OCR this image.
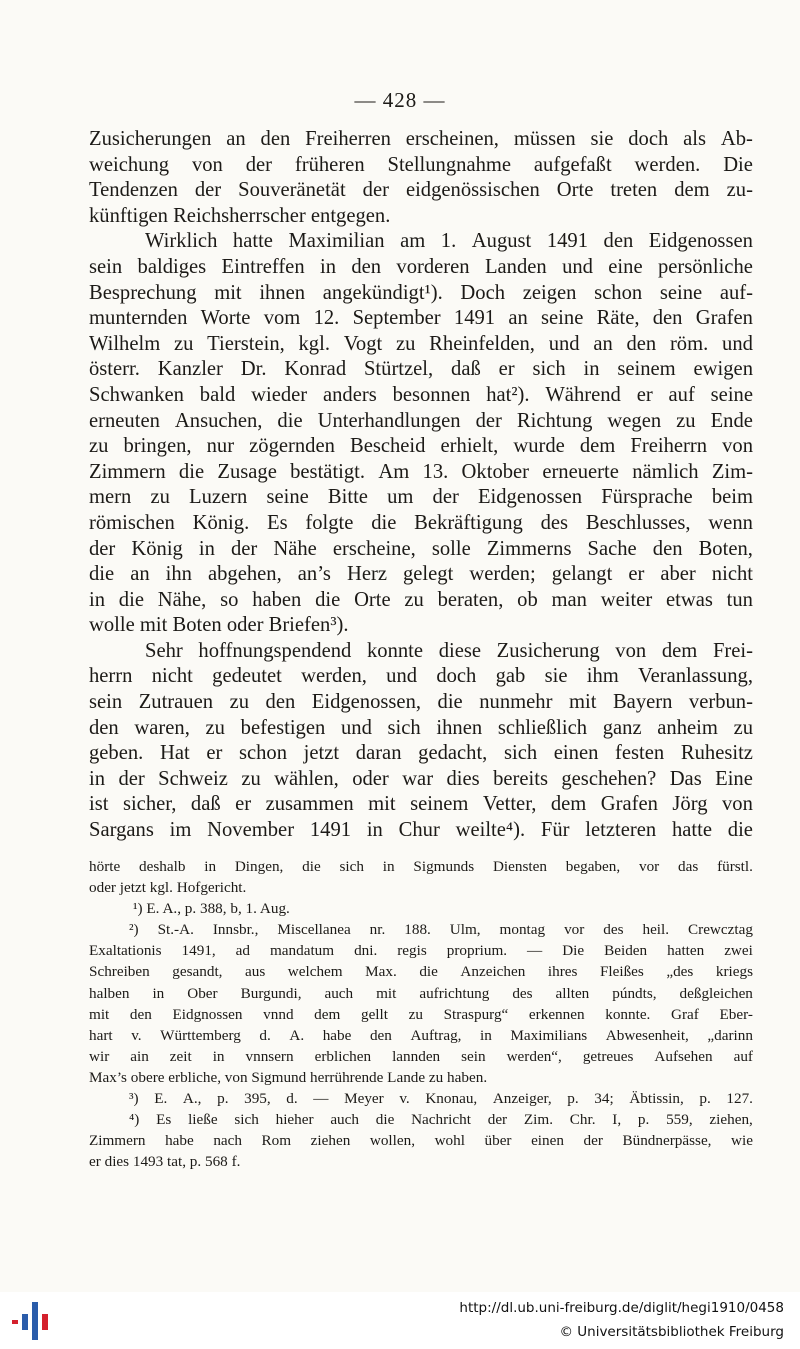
— 428 —
Zusicherungen an den Freiherren erscheinen, müssen sie doch als Ab-
weichung von der früheren Stellungnahme aufgefaßt werden. Die
Tendenzen der Souveränetät der eidgenössischen Orte treten dem zu-
künftigen Reichsherrscher entgegen.
Wirklich hatte Maximilian am 1. August 1491 den Eidgenossen
sein baldiges Eintreffen in den vorderen Landen und eine persönliche
Besprechung mit ihnen angekündigt¹). Doch zeigen schon seine auf-
munternden Worte vom 12. September 1491 an seine Räte, den Grafen
Wilhelm zu Tierstein, kgl. Vogt zu Rheinfelden, und an den röm. und
österr. Kanzler Dr. Konrad Stürtzel, daß er sich in seinem ewigen
Schwanken bald wieder anders besonnen hat²). Während er auf seine
erneuten Ansuchen, die Unterhandlungen der Richtung wegen zu Ende
zu bringen, nur zögernden Bescheid erhielt, wurde dem Freiherrn von
Zimmern die Zusage bestätigt. Am 13. Oktober erneuerte nämlich Zim-
mern zu Luzern seine Bitte um der Eidgenossen Fürsprache beim
römischen König. Es folgte die Bekräftigung des Beschlusses, wenn
der König in der Nähe erscheine, solle Zimmerns Sache den Boten,
die an ihn abgehen, an’s Herz gelegt werden; gelangt er aber nicht
in die Nähe, so haben die Orte zu beraten, ob man weiter etwas tun
wolle mit Boten oder Briefen³).
Sehr hoffnungspendend konnte diese Zusicherung von dem Frei-
herrn nicht gedeutet werden, und doch gab sie ihm Veranlassung,
sein Zutrauen zu den Eidgenossen, die nunmehr mit Bayern verbun-
den waren, zu befestigen und sich ihnen schließlich ganz anheim zu
geben. Hat er schon jetzt daran gedacht, sich einen festen Ruhesitz
in der Schweiz zu wählen, oder war dies bereits geschehen? Das Eine
ist sicher, daß er zusammen mit seinem Vetter, dem Grafen Jörg von
Sargans im November 1491 in Chur weilte⁴). Für letzteren hatte die
hörte deshalb in Dingen, die sich in Sigmunds Diensten begaben, vor das fürstl.
oder jetzt kgl. Hofgericht.
¹) E. A., p. 388, b, 1. Aug.
²) St.-A. Innsbr., Miscellanea nr. 188. Ulm, montag vor des heil. Crewcztag
Exaltationis 1491, ad mandatum dni. regis proprium. — Die Beiden hatten zwei
Schreiben gesandt, aus welchem Max. die Anzeichen ihres Fleißes „des kriegs
halben in Ober Burgundi, auch mit aufrichtung des allten púndts, deßgleichen
mit den Eidgnossen vnnd dem gellt zu Straspurg“ erkennen konnte. Graf Eber-
hart v. Württemberg d. A. habe den Auftrag, in Maximilians Abwesenheit, „darinn
wir ain zeit in vnnsern erblichen lannden sein werden“, getreues Aufsehen auf
Max’s obere erbliche, von Sigmund herrührende Lande zu haben.
³) E. A., p. 395, d. — Meyer v. Knonau, Anzeiger, p. 34; Äbtissin, p. 127.
⁴) Es ließe sich hieher auch die Nachricht der Zim. Chr. I, p. 559, ziehen,
Zimmern habe nach Rom ziehen wollen, wohl über einen der Bündnerpässe, wie
er dies 1493 tat, p. 568 f.
http://dl.ub.uni-freiburg.de/diglit/hegi1910/0458
© Universitätsbibliothek Freiburg
